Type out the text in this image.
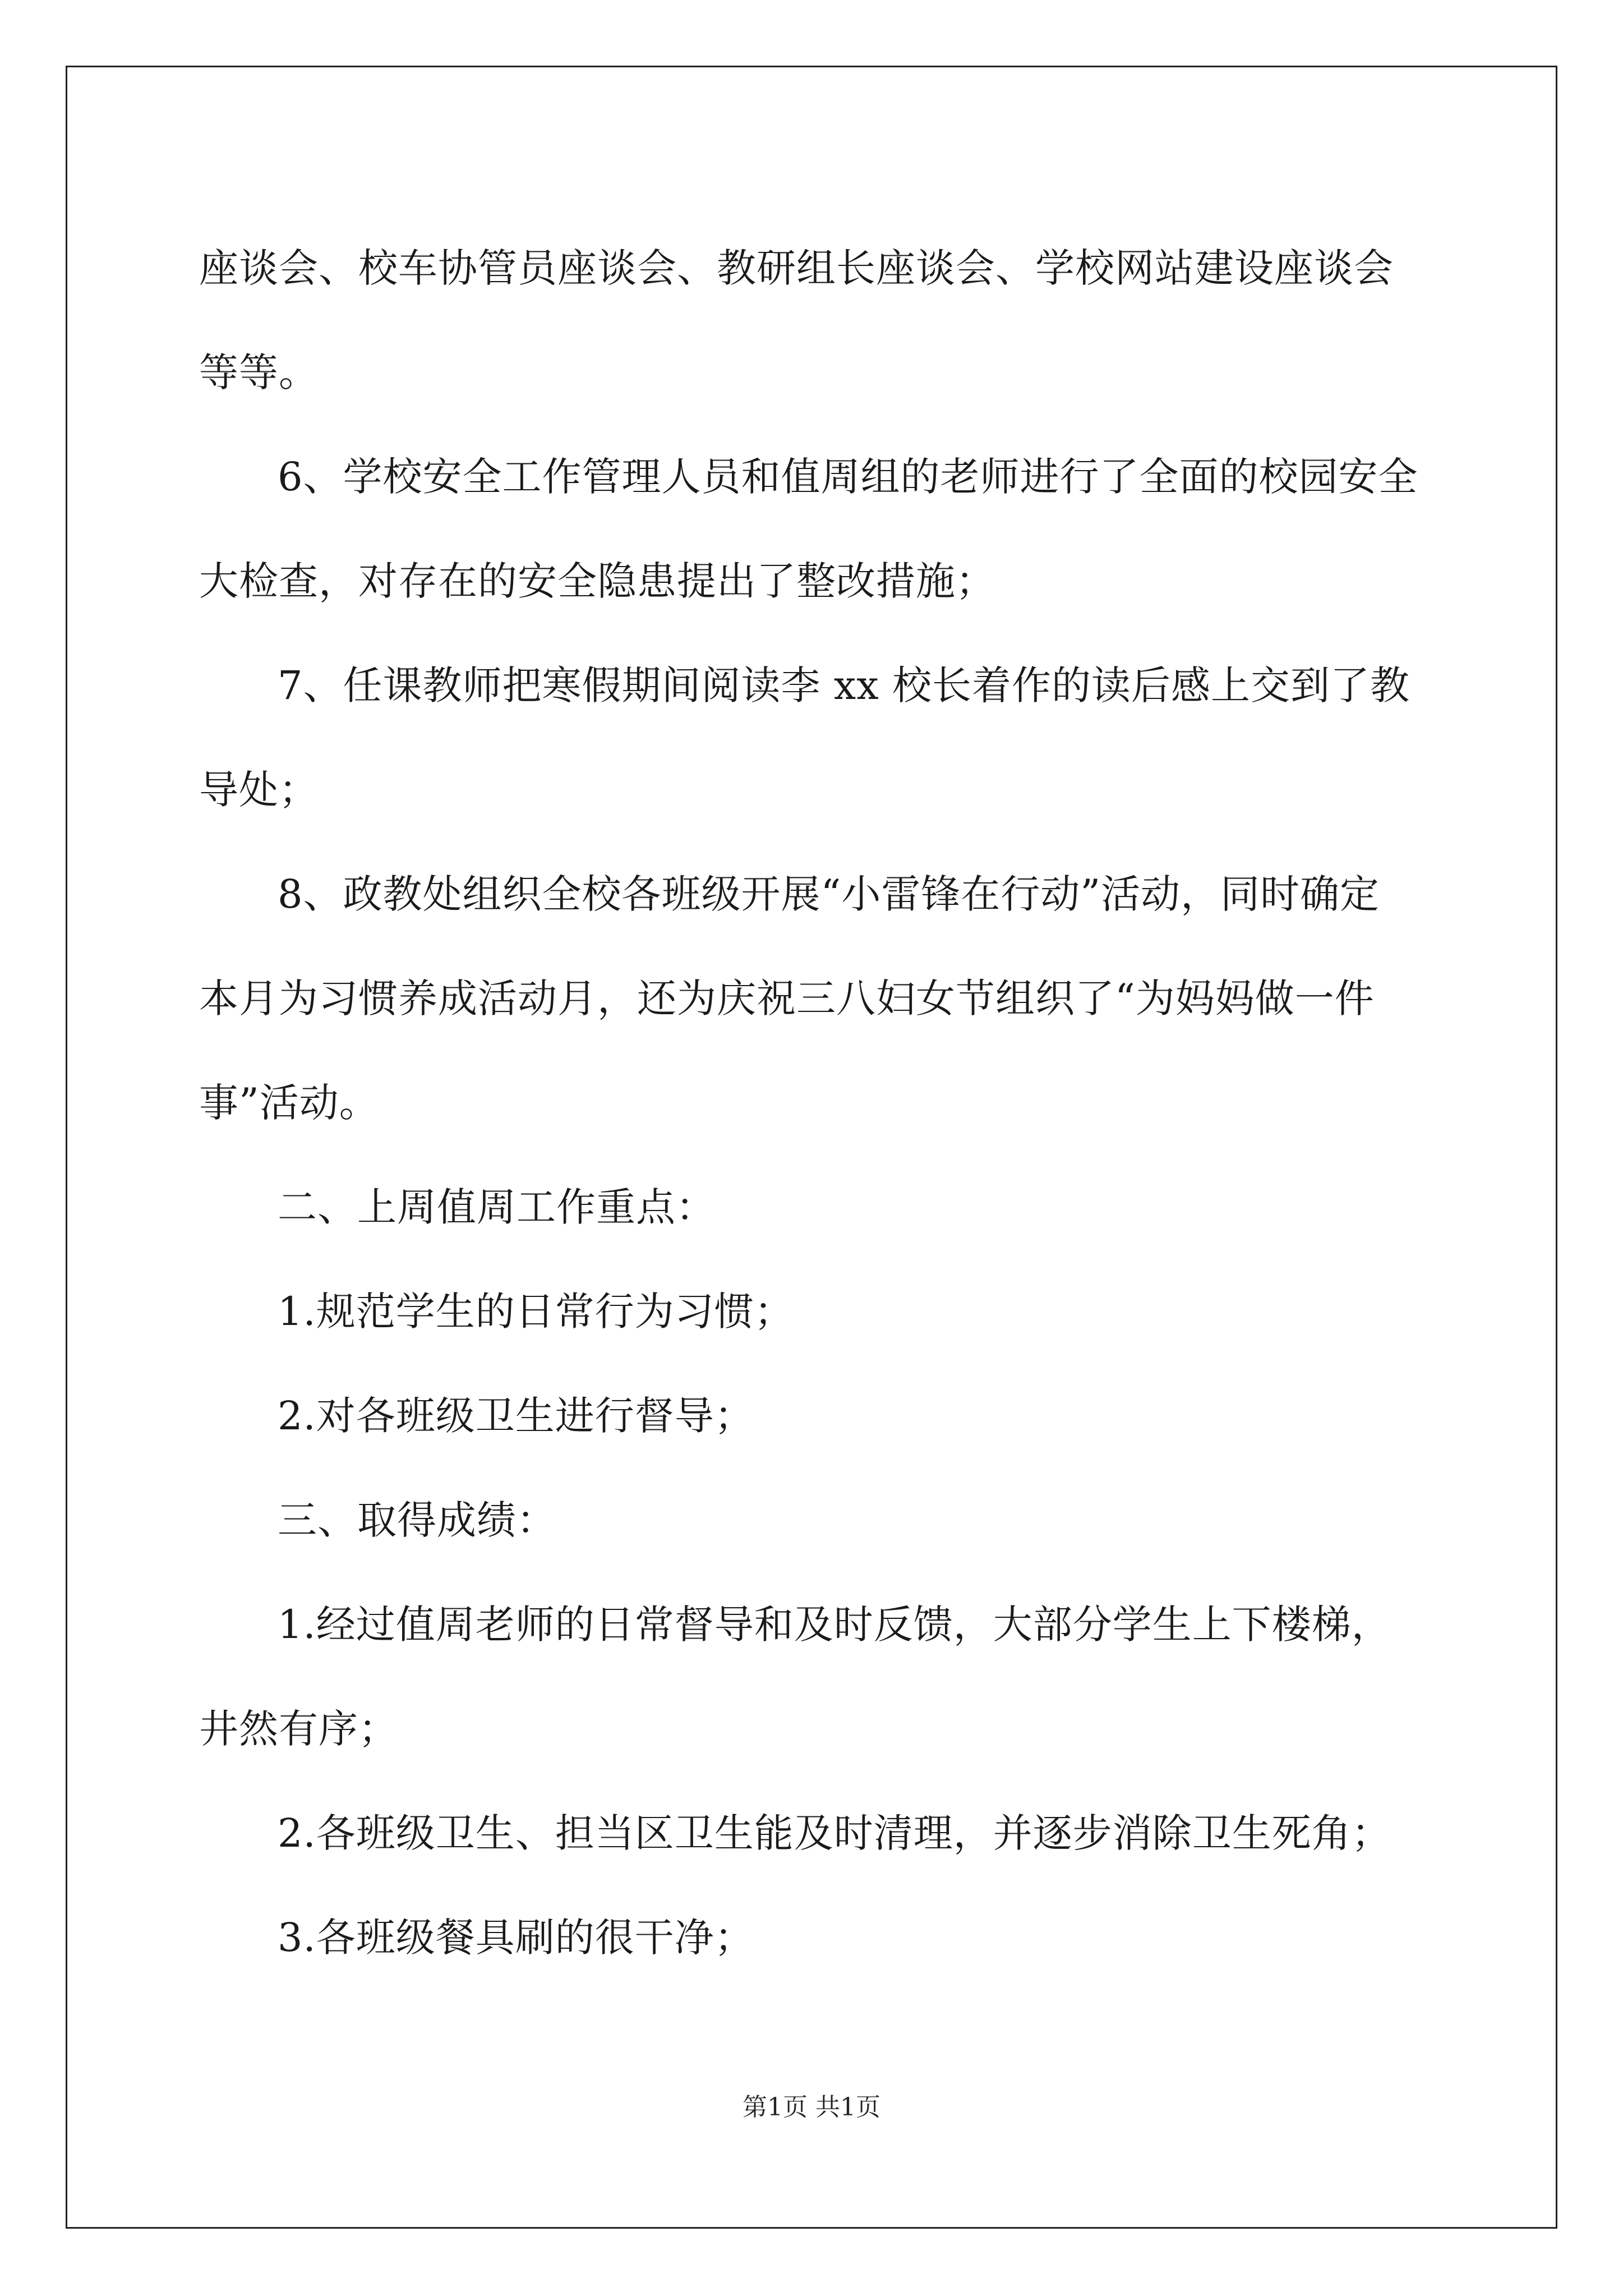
座谈会、校车协管员座谈会、教研组长座谈会、学校网站建设座谈会
等等。
6、学校安全工作管理人员和值周组的老师进行了全面的校园安全
大检查，对存在的安全隐患提出了整改措施；
7、任课教师把寒假期间阅读李 xx 校长着作的读后感上交到了教
导处；
8、政教处组织全校各班级开展“小雷锋在行动”活动，同时确定
本月为习惯养成活动月，还为庆祝三八妇女节组织了“为妈妈做一件
事”活动。
二、上周值周工作重点：
1.规范学生的日常行为习惯；
2.对各班级卫生进行督导；
三、取得成绩：
1.经过值周老师的日常督导和及时反馈，大部分学生上下楼梯，
井然有序；
2.各班级卫生、担当区卫生能及时清理，并逐步消除卫生死角；
3.各班级餐具刷的很干净；
第1页 共1页
